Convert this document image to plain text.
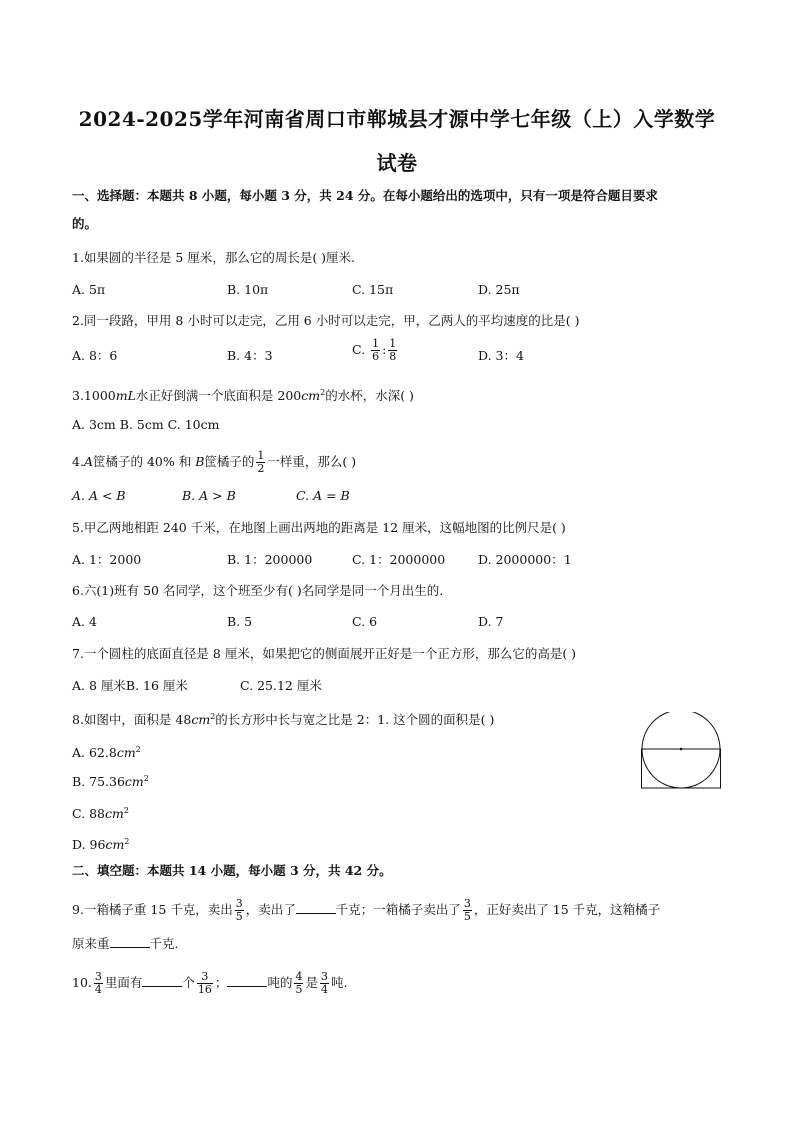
2024-2025学年河南省周口市郸城县才源中学七年级（上）入学数学
试卷
一、选择题：本题共 8 小题，每小题 3 分，共 24 分。在每小题给出的选项中，只有一项是符合题目要求
的。
1.如果圆的半径是 5 厘米，那么它的周长是( )厘米.
A. 5π	B. 10π	C. 15π	D. 25π
2.同一段路，甲用 8 小时可以走完，乙用 6 小时可以走完，甲，乙两人的平均速度的比是( )
A. 8：6	B. 4：3	C. $\frac{1}{6}$ : $\frac{1}{8}$	D. 3：4
3.1000mL水正好倒满一个底面积是 $200cm^2$的水杯，水深( )
A. 3cm B. 5cm C. 10cm
4.A筐橘子的 40% 和 B筐橘子的 $\frac{1}{2}$ 一样重，那么( )
A. A < B	B. A > B	C. A = B
5.甲乙两地相距 240 千米，在地图上画出两地的距离是 12 厘米，这幅地图的比例尺是( )
A. 1：2000	B. 1：200000	C. 1：2000000	D. 2000000：1
6.六(1)班有 50 名同学，这个班至少有( )名同学是同一个月出生的.
A. 4	B. 5	C. 6	D. 7
7.一个圆柱的底面直径是 8 厘米，如果把它的侧面展开正好是一个正方形，那么它的高是( )
A. 8 厘米B. 16 厘米	C. 25.12 厘米
8.如图中，面积是 $48cm^2$的长方形中长与宽之比是 2：1. 这个圆的面积是( )
A. $62.8cm^2$
B. $75.36cm^2$
C. $88cm^2$
D. $96cm^2$
二、填空题：本题共 14 小题，每小题 3 分，共 42 分。
9.一箱橘子重 15 千克，卖出 $\frac{3}{5}$ ，卖出了	千克；一箱橘子卖出了 $\frac{3}{5}$ ，正好卖出了 15 千克，这箱橘子
原来重	千克.
10. $\frac{3}{4}$ 里面有	个 $\frac{3}{16}$ ；	吨的 $\frac{4}{5}$ 是 $\frac{3}{4}$ 吨.
